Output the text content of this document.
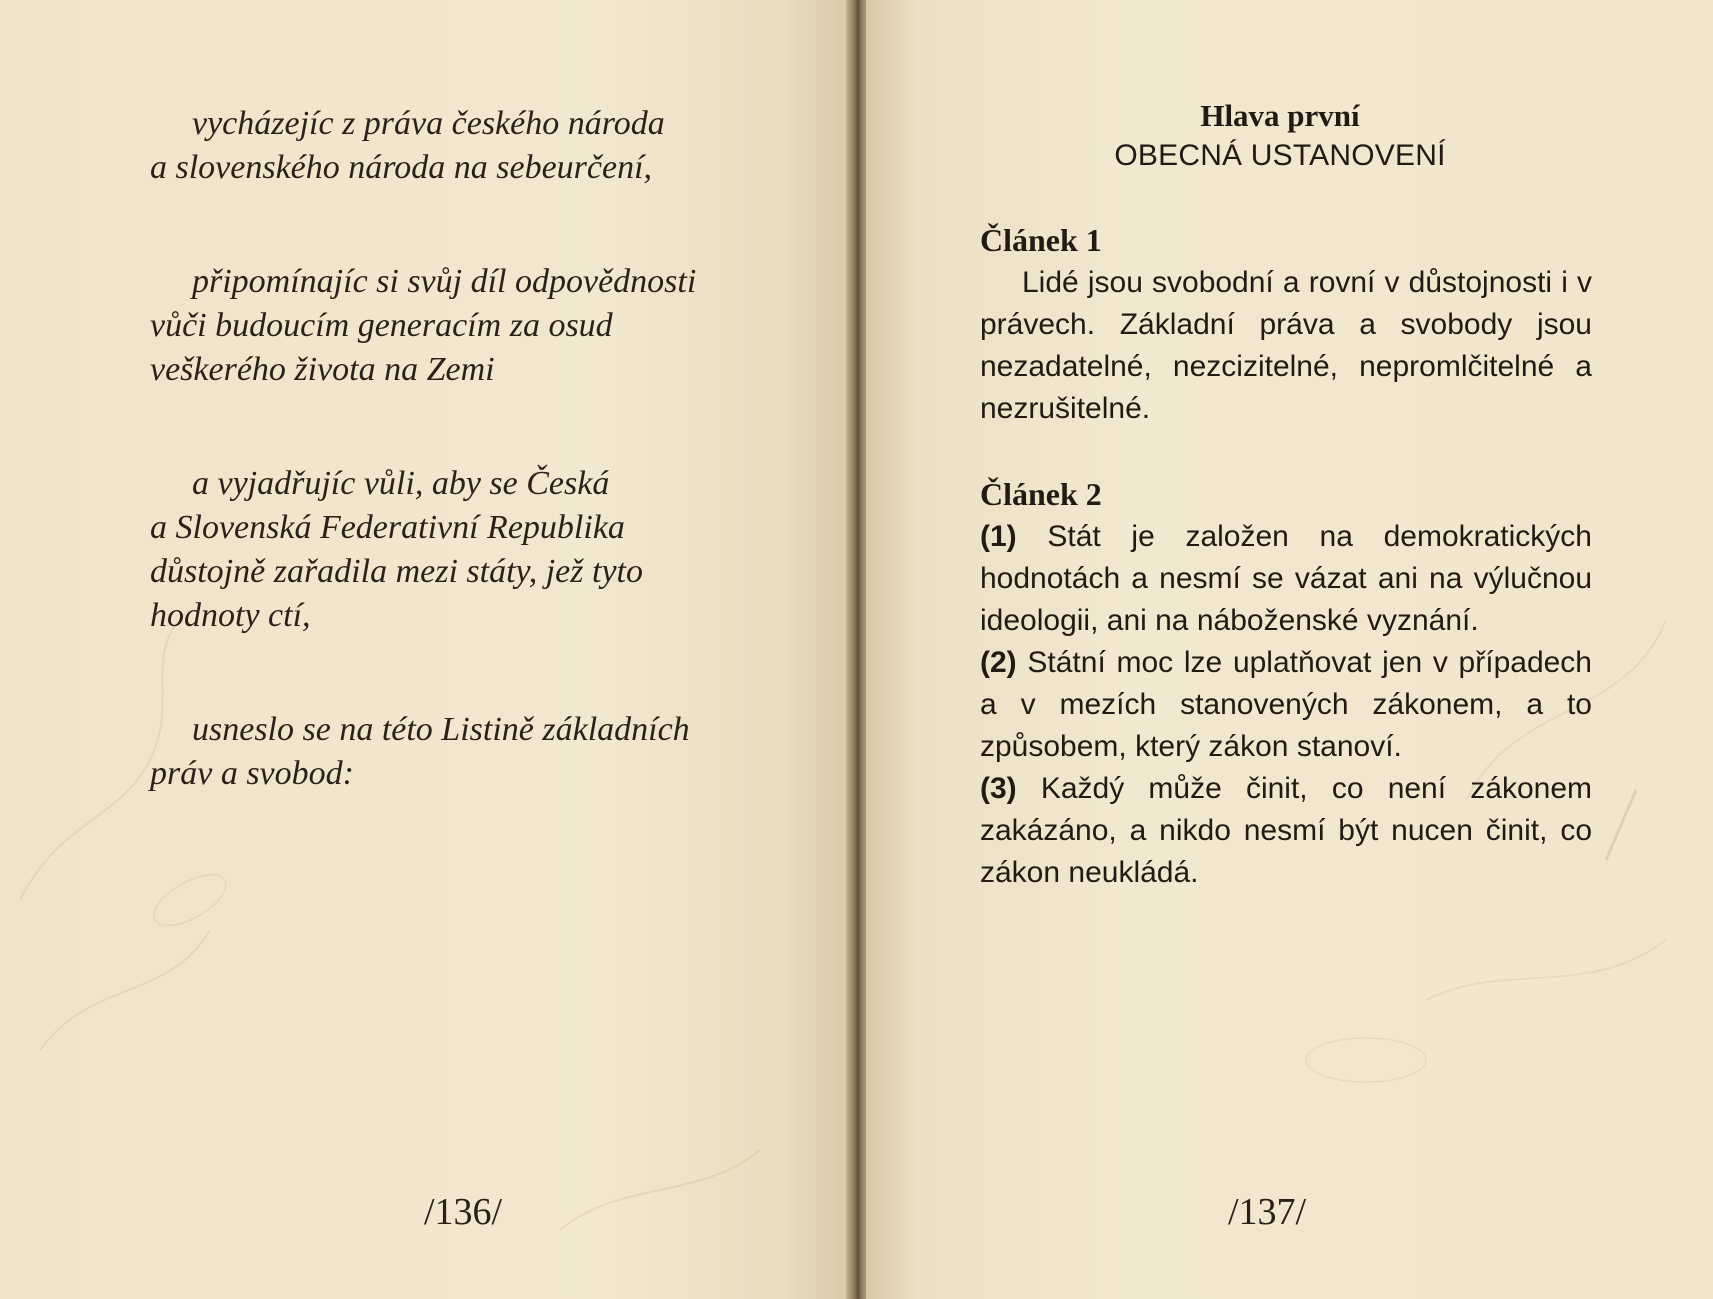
vycházejíc z práva českého národa
a slovenského národa na sebeurčení,

připomínajíc si svůj díl odpovědnosti
vůči budoucím generacím za osud
veškerého života na Zemi

a vyjadřujíc vůli, aby se Česká
a Slovenská Federativní Republika
důstojně zařadila mezi státy, jež tyto
hodnoty ctí,

usneslo se na této Listině základních
práv a svobod:

Hlava první
OBECNÁ USTANOVENÍ

Článek 1

Lidé jsou svobodní a rovní v důstojnosti i v právech. Základní práva a svobody jsou nezadatelné, nezcizitelné, nepromlčitelné a nezrušitelné.

Článek 2

(1) Stát je založen na demokratických hodnotách a nesmí se vázat ani na výlučnou ideologii, ani na náboženské vyznání.

(2) Státní moc lze uplatňovat jen v případech a v mezích stanovených zákonem, a to způsobem, který zákon stanoví.

(3) Každý může činit, co není zákonem zakázáno, a nikdo nesmí být nucen činit, co zákon neukládá.

/136/	/137/
